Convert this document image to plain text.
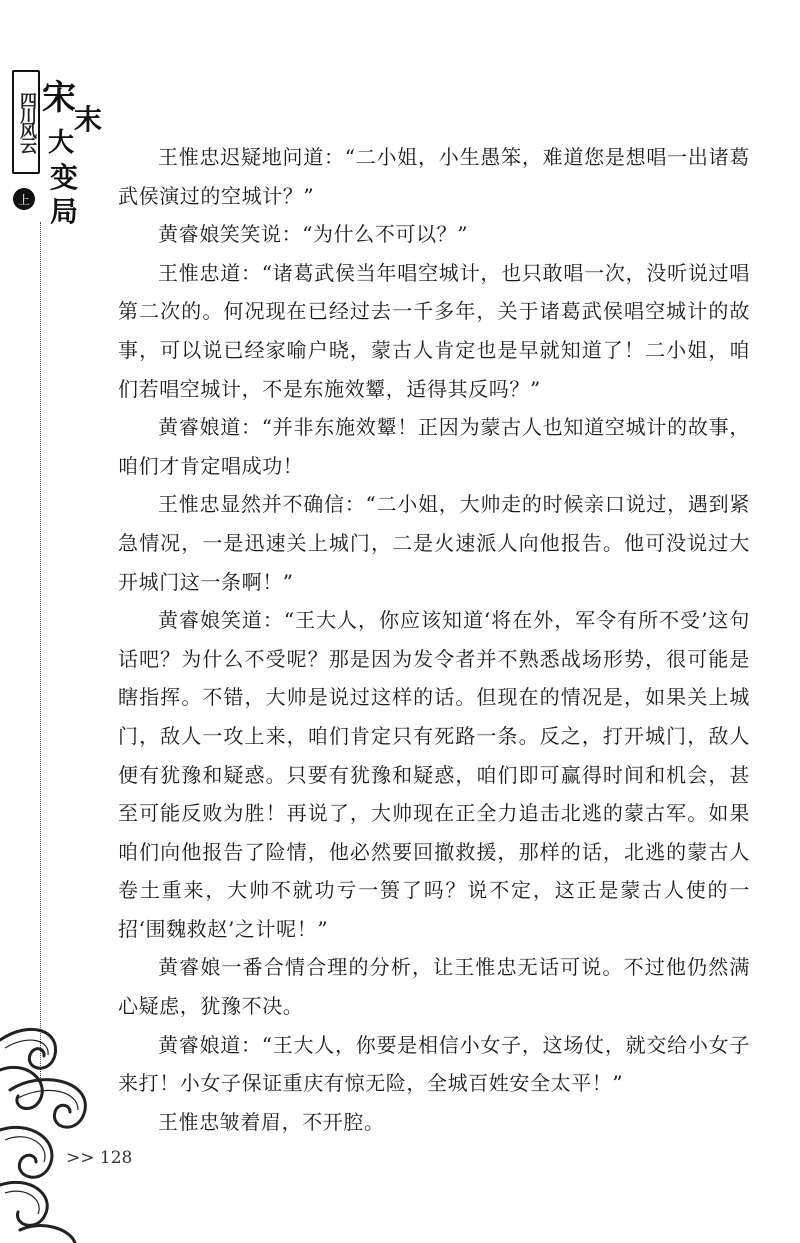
四川风云
上
宋
末
大
变
局

王惟忠迟疑地问道：“二小姐，小生愚笨，难道您是想唱一出诸葛武侯演过的空城计？”

黄睿娘笑笑说：“为什么不可以？”

王惟忠道：“诸葛武侯当年唱空城计，也只敢唱一次，没听说过唱第二次的。何况现在已经过去一千多年，关于诸葛武侯唱空城计的故事，可以说已经家喻户晓，蒙古人肯定也是早就知道了！二小姐，咱们若唱空城计，不是东施效颦，适得其反吗？”

黄睿娘道：“并非东施效颦！正因为蒙古人也知道空城计的故事，咱们才肯定唱成功！

王惟忠显然并不确信：“二小姐，大帅走的时候亲口说过，遇到紧急情况，一是迅速关上城门，二是火速派人向他报告。他可没说过大开城门这一条啊！”

黄睿娘笑道：“王大人，你应该知道‘将在外，军令有所不受’这句话吧？为什么不受呢？那是因为发令者并不熟悉战场形势，很可能是瞎指挥。不错，大帅是说过这样的话。但现在的情况是，如果关上城门，敌人一攻上来，咱们肯定只有死路一条。反之，打开城门，敌人便有犹豫和疑惑。只要有犹豫和疑惑，咱们即可赢得时间和机会，甚至可能反败为胜！再说了，大帅现在正全力追击北逃的蒙古军。如果咱们向他报告了险情，他必然要回撤救援，那样的话，北逃的蒙古人卷土重来，大帅不就功亏一篑了吗？说不定，这正是蒙古人使的一招‘围魏救赵’之计呢！”

黄睿娘一番合情合理的分析，让王惟忠无话可说。不过他仍然满心疑虑，犹豫不决。

黄睿娘道：“王大人，你要是相信小女子，这场仗，就交给小女子来打！小女子保证重庆有惊无险，全城百姓安全太平！”

王惟忠皱着眉，不开腔。

>> 128
